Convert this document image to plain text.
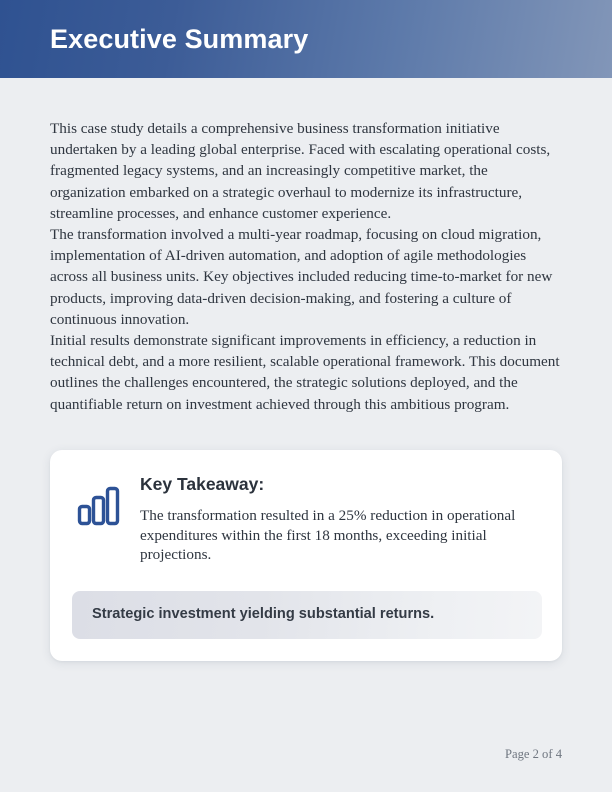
Executive Summary

This case study details a comprehensive business transformation initiative undertaken by a leading global enterprise. Faced with escalating operational costs, fragmented legacy systems, and an increasingly competitive market, the organization embarked on a strategic overhaul to modernize its infrastructure, streamline processes, and enhance customer experience.

The transformation involved a multi-year roadmap, focusing on cloud migration, implementation of AI-driven automation, and adoption of agile methodologies across all business units. Key objectives included reducing time-to-market for new products, improving data-driven decision-making, and fostering a culture of continuous innovation.

Initial results demonstrate significant improvements in efficiency, a reduction in technical debt, and a more resilient, scalable operational framework. This document outlines the challenges encountered, the strategic solutions deployed, and the quantifiable return on investment achieved through this ambitious program.

Key Takeaway:

The transformation resulted in a 25% reduction in operational expenditures within the first 18 months, exceeding initial projections.

Strategic investment yielding substantial returns.
Page 2 of 4
